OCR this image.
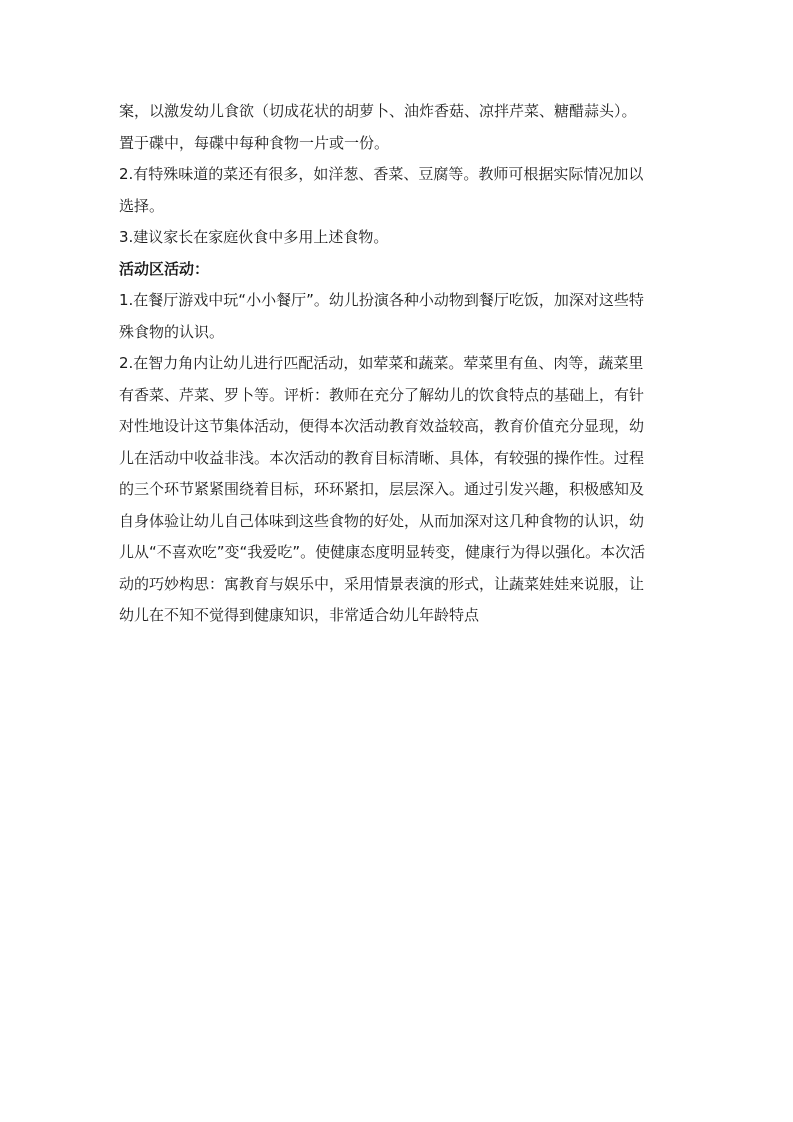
案，以激发幼儿食欲（切成花状的胡萝卜、油炸香菇、凉拌芹菜、糖醋蒜头）。
置于碟中，每碟中每种食物一片或一份。
2.有特殊味道的菜还有很多，如洋葱、香菜、豆腐等。教师可根据实际情况加以
选择。
3.建议家长在家庭伙食中多用上述食物。
活动区活动：
1.在餐厅游戏中玩“小小餐厅”。幼儿扮演各种小动物到餐厅吃饭，加深对这些特
殊食物的认识。
2.在智力角内让幼儿进行匹配活动，如荤菜和蔬菜。荤菜里有鱼、肉等，蔬菜里
有香菜、芹菜、罗卜等。评析：教师在充分了解幼儿的饮食特点的基础上，有针
对性地设计这节集体活动，便得本次活动教育效益较高，教育价值充分显现，幼
儿在活动中收益非浅。本次活动的教育目标清晰、具体，有较强的操作性。过程
的三个环节紧紧围绕着目标，环环紧扣，层层深入。通过引发兴趣，积极感知及
自身体验让幼儿自己体味到这些食物的好处，从而加深对这几种食物的认识，幼
儿从“不喜欢吃”变“我爱吃”。使健康态度明显转变，健康行为得以强化。本次活
动的巧妙构思：寓教育与娱乐中，采用情景表演的形式，让蔬菜娃娃来说服，让
幼儿在不知不觉得到健康知识，非常适合幼儿年龄特点
